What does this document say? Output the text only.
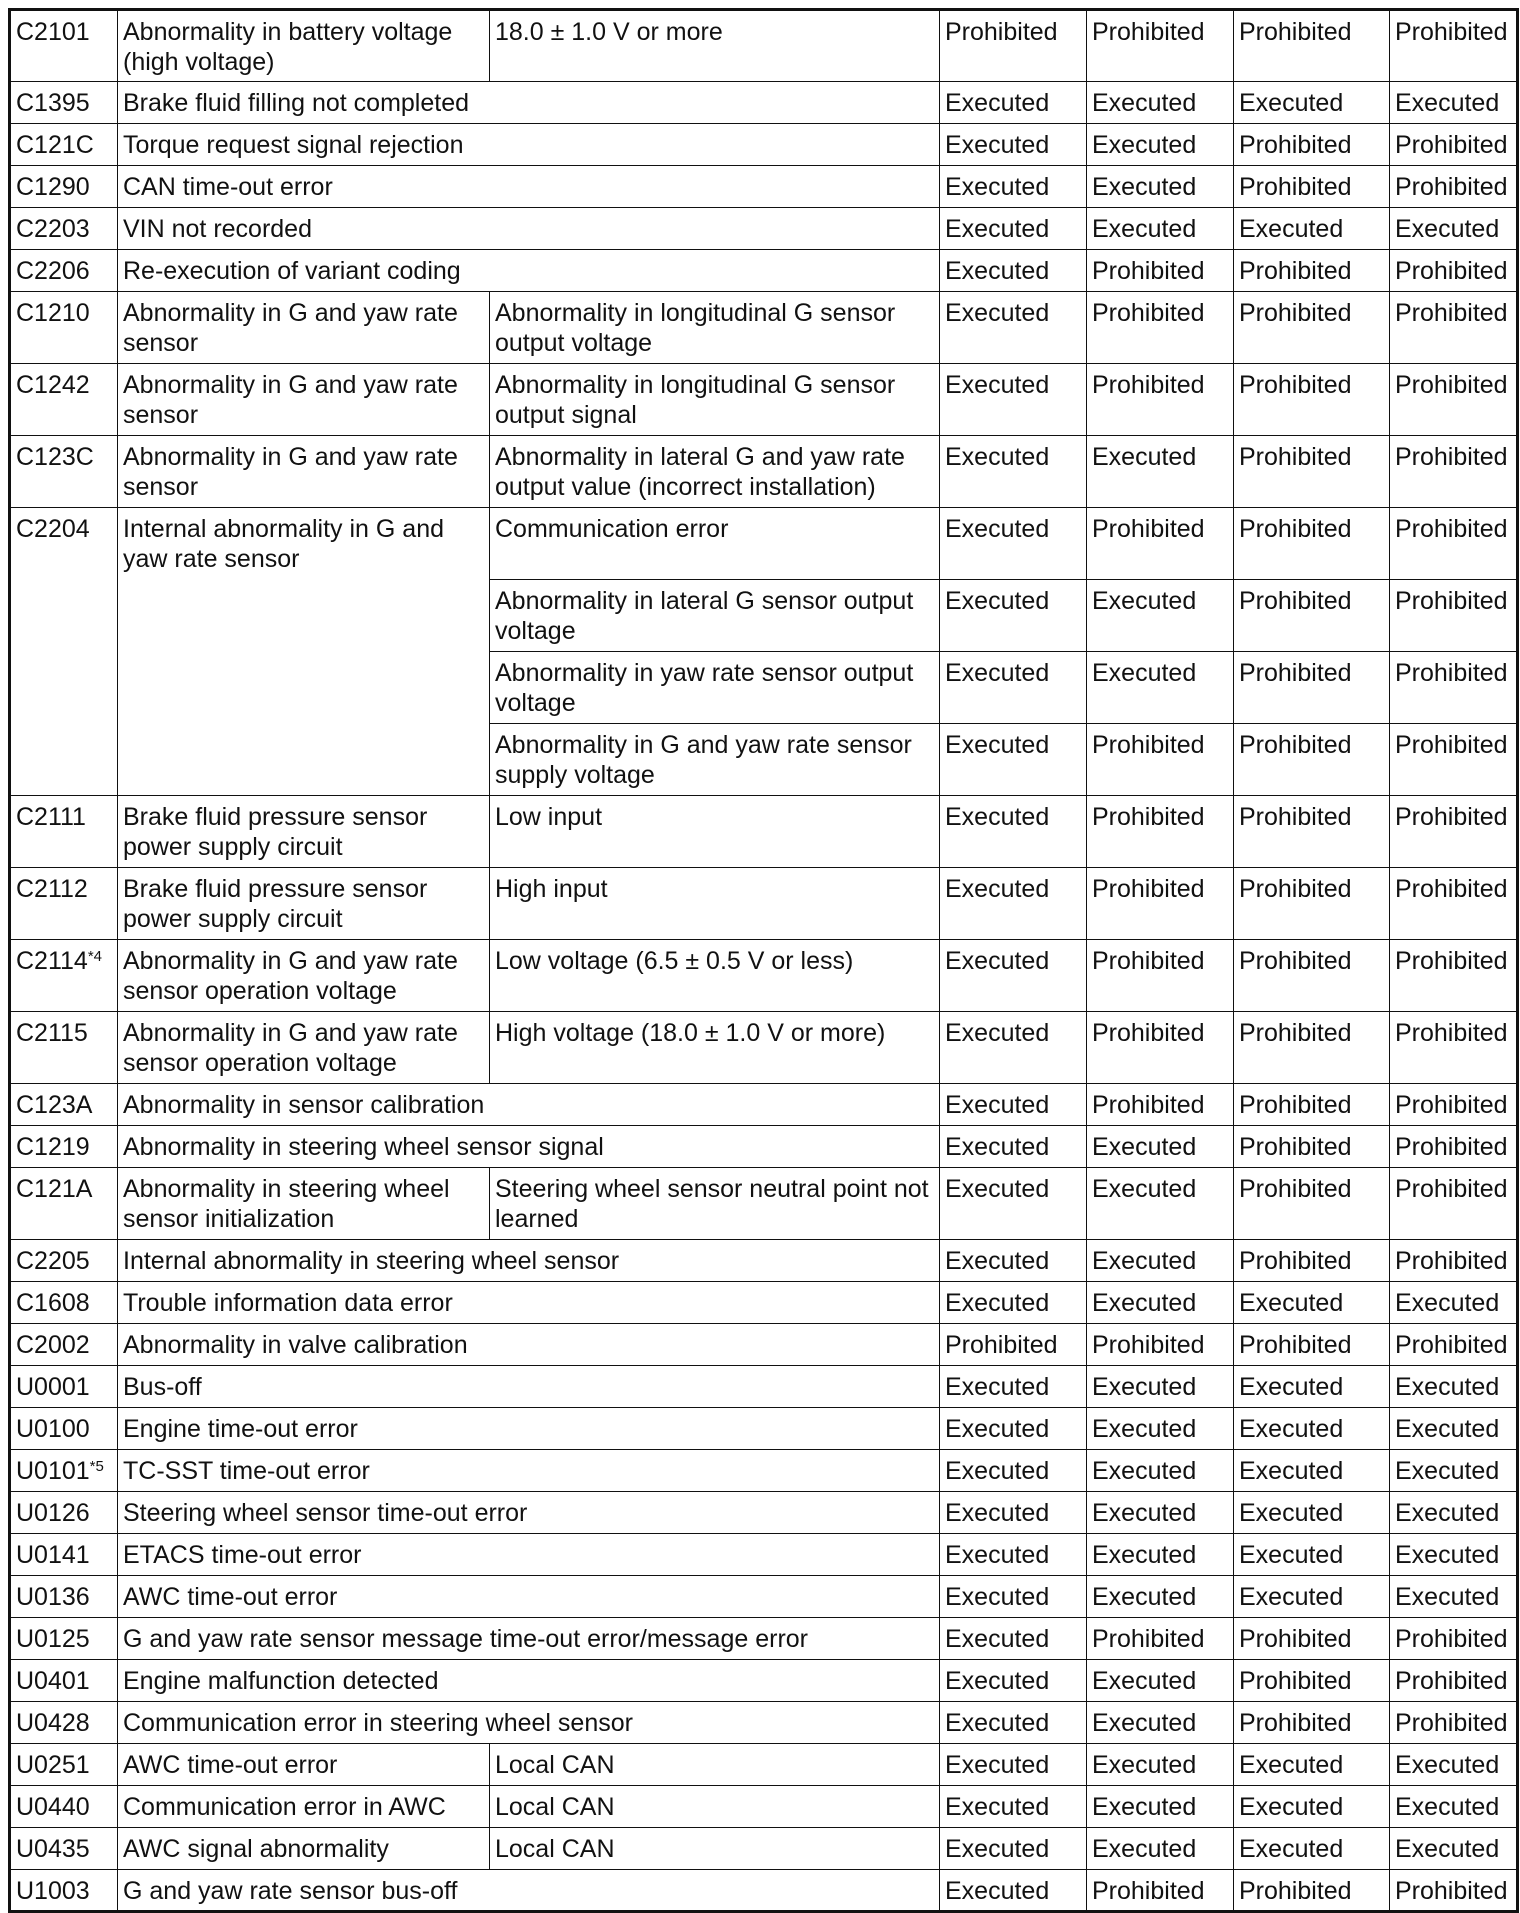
C2101	Abnormality in battery voltage (high voltage)	18.0 ± 1.0 V or more	Prohibited	Prohibited	Prohibited	Prohibited
C1395	Brake fluid filling not completed		Executed	Executed	Executed	Executed
C121C	Torque request signal rejection		Executed	Executed	Prohibited	Prohibited
C1290	CAN time-out error		Executed	Executed	Prohibited	Prohibited
C2203	VIN not recorded		Executed	Executed	Executed	Executed
C2206	Re-execution of variant coding		Executed	Prohibited	Prohibited	Prohibited
C1210	Abnormality in G and yaw rate sensor	Abnormality in longitudinal G sensor output voltage	Executed	Prohibited	Prohibited	Prohibited
C1242	Abnormality in G and yaw rate sensor	Abnormality in longitudinal G sensor output signal	Executed	Prohibited	Prohibited	Prohibited
C123C	Abnormality in G and yaw rate sensor	Abnormality in lateral G and yaw rate output value (incorrect installation)	Executed	Executed	Prohibited	Prohibited
C2204	Internal abnormality in G and yaw rate sensor	Communication error	Executed	Prohibited	Prohibited	Prohibited
		Abnormality in lateral G sensor output voltage	Executed	Executed	Prohibited	Prohibited
		Abnormality in yaw rate sensor output voltage	Executed	Executed	Prohibited	Prohibited
		Abnormality in G and yaw rate sensor supply voltage	Executed	Prohibited	Prohibited	Prohibited
C2111	Brake fluid pressure sensor power supply circuit	Low input	Executed	Prohibited	Prohibited	Prohibited
C2112	Brake fluid pressure sensor power supply circuit	High input	Executed	Prohibited	Prohibited	Prohibited
C2114$^{*4}$	Abnormality in G and yaw rate sensor operation voltage	Low voltage (6.5 ± 0.5 V or less)	Executed	Prohibited	Prohibited	Prohibited
C2115	Abnormality in G and yaw rate sensor operation voltage	High voltage (18.0 ± 1.0 V or more)	Executed	Prohibited	Prohibited	Prohibited
C123A	Abnormality in sensor calibration		Executed	Prohibited	Prohibited	Prohibited
C1219	Abnormality in steering wheel sensor signal		Executed	Executed	Prohibited	Prohibited
C121A	Abnormality in steering wheel sensor initialization	Steering wheel sensor neutral point not learned	Executed	Executed	Prohibited	Prohibited
C2205	Internal abnormality in steering wheel sensor		Executed	Executed	Prohibited	Prohibited
C1608	Trouble information data error		Executed	Executed	Executed	Executed
C2002	Abnormality in valve calibration		Prohibited	Prohibited	Prohibited	Prohibited
U0001	Bus-off		Executed	Executed	Executed	Executed
U0100	Engine time-out error		Executed	Executed	Executed	Executed
U0101$^{*5}$	TC-SST time-out error		Executed	Executed	Executed	Executed
U0126	Steering wheel sensor time-out error		Executed	Executed	Executed	Executed
U0141	ETACS time-out error		Executed	Executed	Executed	Executed
U0136	AWC time-out error		Executed	Executed	Executed	Executed
U0125	G and yaw rate sensor message time-out error/message error		Executed	Prohibited	Prohibited	Prohibited
U0401	Engine malfunction detected		Executed	Executed	Prohibited	Prohibited
U0428	Communication error in steering wheel sensor		Executed	Executed	Prohibited	Prohibited
U0251	AWC time-out error	Local CAN	Executed	Executed	Executed	Executed
U0440	Communication error in AWC	Local CAN	Executed	Executed	Executed	Executed
U0435	AWC signal abnormality	Local CAN	Executed	Executed	Executed	Executed
U1003	G and yaw rate sensor bus-off		Executed	Prohibited	Prohibited	Prohibited
